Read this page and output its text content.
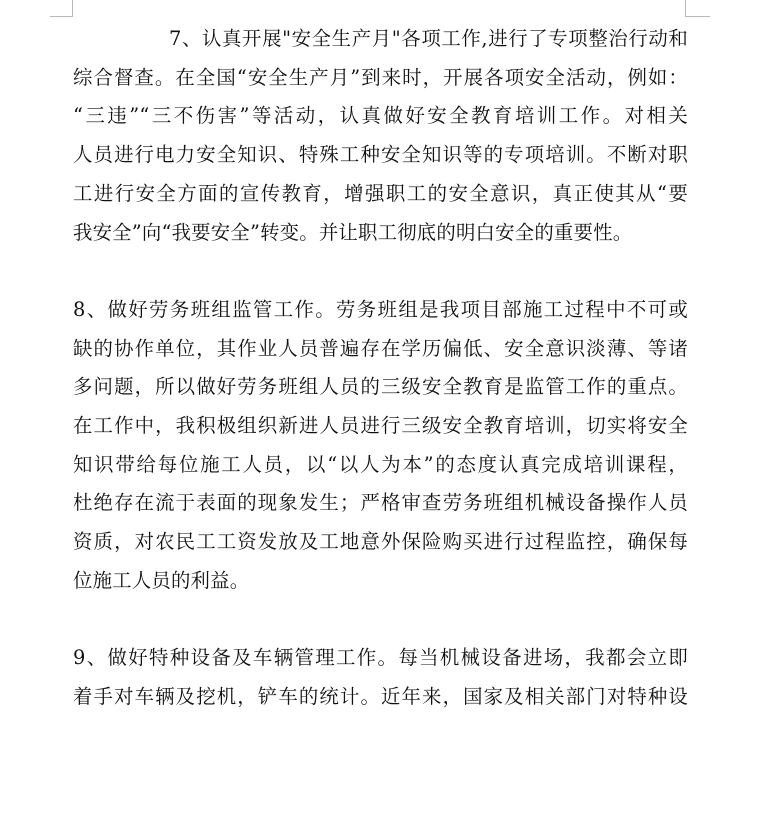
7、认真开展"安全生产月"各项工作,进行了专项整治行动和
综合督查。在全国“安全生产月”到来时，开展各项安全活动，例如：
“三违”“三不伤害”等活动，认真做好安全教育培训工作。对相关
人员进行电力安全知识、特殊工种安全知识等的专项培训。不断对职
工进行安全方面的宣传教育，增强职工的安全意识，真正使其从“要
我安全”向“我要安全”转变。并让职工彻底的明白安全的重要性。

8、做好劳务班组监管工作。劳务班组是我项目部施工过程中不可或
缺的协作单位，其作业人员普遍存在学历偏低、安全意识淡薄、等诸
多问题，所以做好劳务班组人员的三级安全教育是监管工作的重点。
在工作中，我积极组织新进人员进行三级安全教育培训，切实将安全
知识带给每位施工人员，以“以人为本”的态度认真完成培训课程，
杜绝存在流于表面的现象发生；严格审查劳务班组机械设备操作人员
资质，对农民工工资发放及工地意外保险购买进行过程监控，确保每
位施工人员的利益。

9、做好特种设备及车辆管理工作。每当机械设备进场，我都会立即
着手对车辆及挖机，铲车的统计。近年来，国家及相关部门对特种设
